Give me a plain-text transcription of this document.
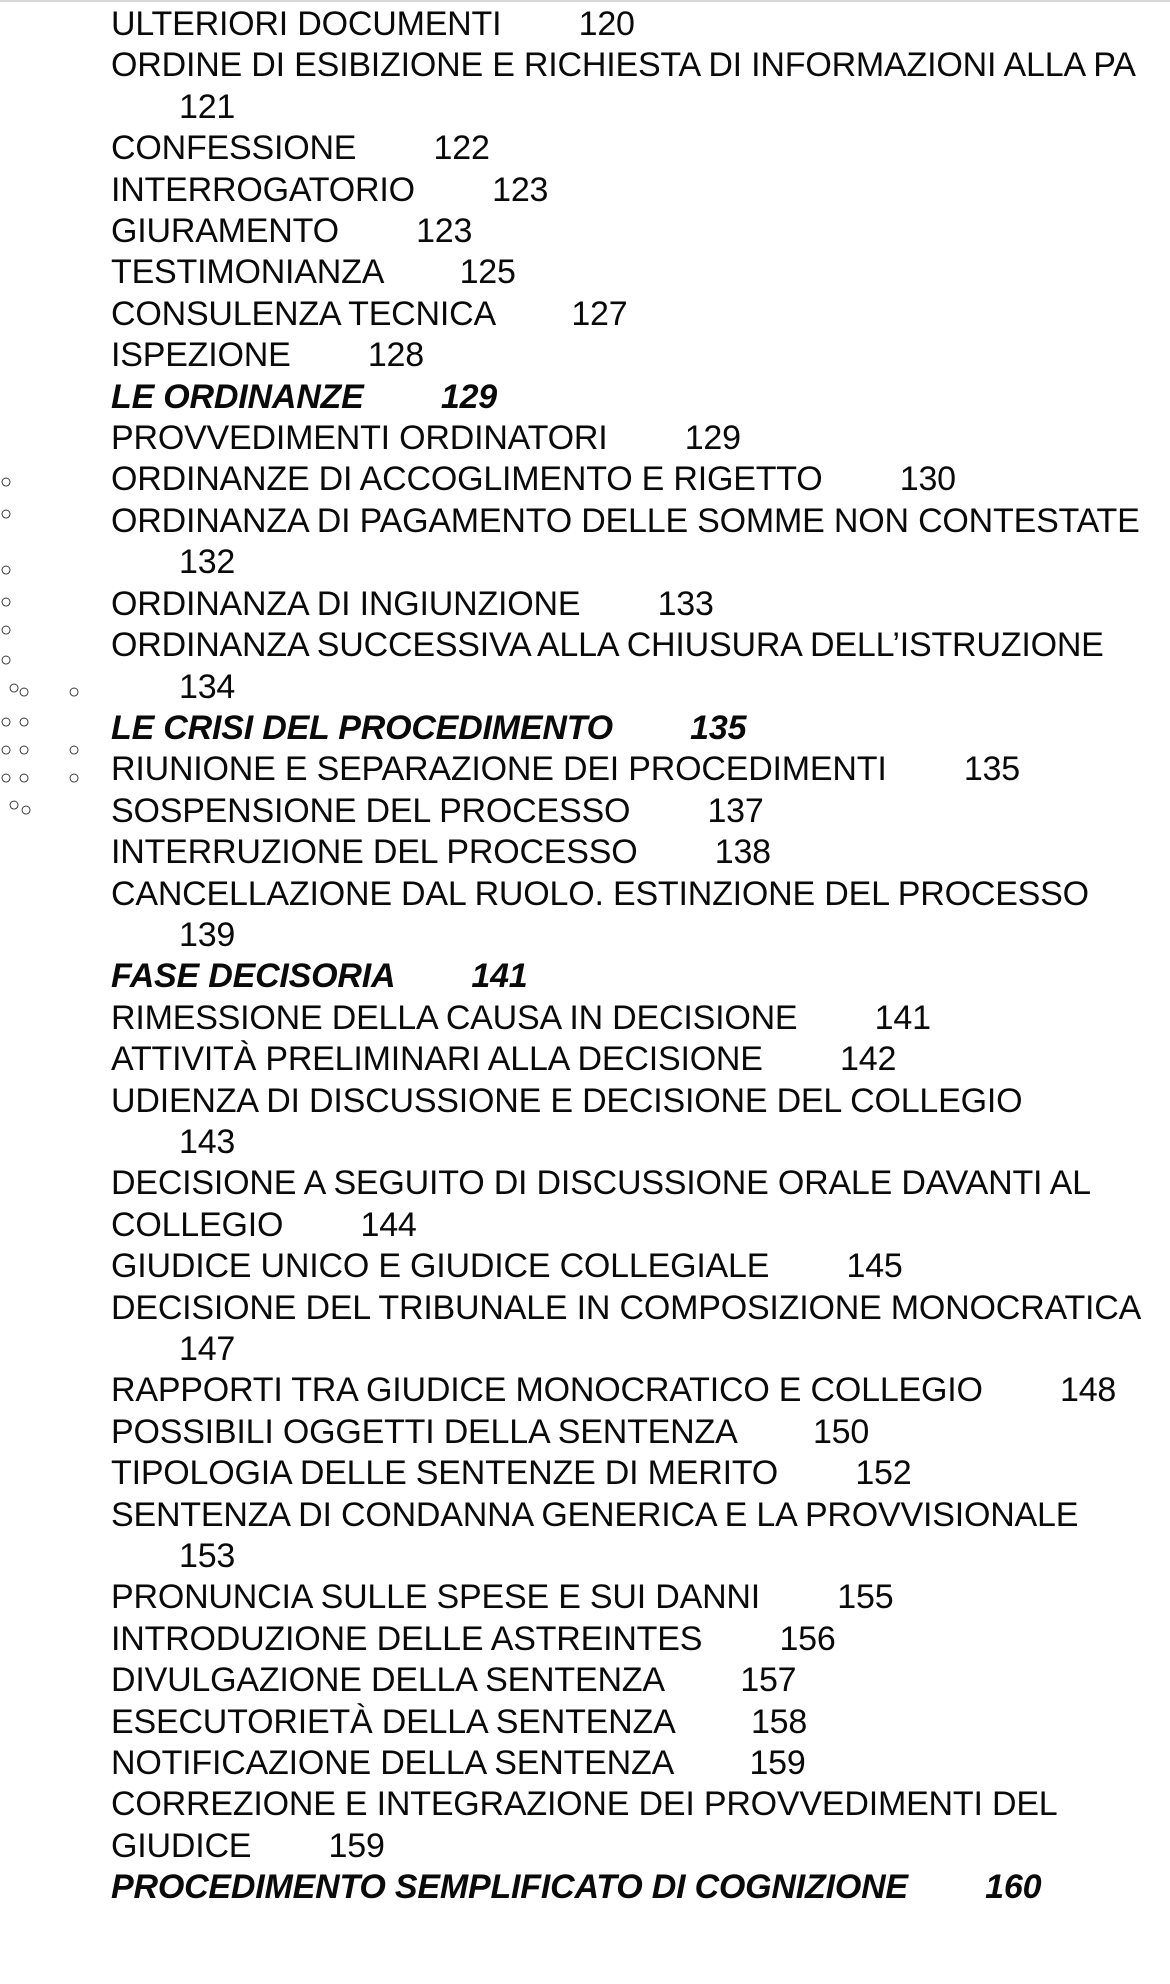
○
○
○
○
○
○
○
○ ○
○ ○
○ ○ ○
○ ○ ○
○ ○
ULTERIORI DOCUMENTI 120
ORDINE DI ESIBIZIONE E RICHIESTA DI INFORMAZIONI ALLA PA 121
CONFESSIONE 122
INTERROGATORIO 123
GIURAMENTO 123
TESTIMONIANZA 125
CONSULENZA TECNICA 127
ISPEZIONE 128
LE ORDINANZE 129
PROVVEDIMENTI ORDINATORI 129
ORDINANZE DI ACCOGLIMENTO E RIGETTO 130
ORDINANZA DI PAGAMENTO DELLE SOMME NON CONTESTATE 132
ORDINANZA DI INGIUNZIONE 133
ORDINANZA SUCCESSIVA ALLA CHIUSURA DELL’ISTRUZIONE 134
LE CRISI DEL PROCEDIMENTO 135
RIUNIONE E SEPARAZIONE DEI PROCEDIMENTI 135
SOSPENSIONE DEL PROCESSO 137
INTERRUZIONE DEL PROCESSO 138
CANCELLAZIONE DAL RUOLO. ESTINZIONE DEL PROCESSO 139
FASE DECISORIA 141
RIMESSIONE DELLA CAUSA IN DECISIONE 141
ATTIVITÀ PRELIMINARI ALLA DECISIONE 142
UDIENZA DI DISCUSSIONE E DECISIONE DEL COLLEGIO 143
DECISIONE A SEGUITO DI DISCUSSIONE ORALE DAVANTI AL COLLEGIO 144
GIUDICE UNICO E GIUDICE COLLEGIALE 145
DECISIONE DEL TRIBUNALE IN COMPOSIZIONE MONOCRATICA 147
RAPPORTI TRA GIUDICE MONOCRATICO E COLLEGIO 148
POSSIBILI OGGETTI DELLA SENTENZA 150
TIPOLOGIA DELLE SENTENZE DI MERITO 152
SENTENZA DI CONDANNA GENERICA E LA PROVVISIONALE 153
PRONUNCIA SULLE SPESE E SUI DANNI 155
INTRODUZIONE DELLE ASTREINTES 156
DIVULGAZIONE DELLA SENTENZA 157
ESECUTORIETÀ DELLA SENTENZA 158
NOTIFICAZIONE DELLA SENTENZA 159
CORREZIONE E INTEGRAZIONE DEI PROVVEDIMENTI DEL GIUDICE 159
PROCEDIMENTO SEMPLIFICATO DI COGNIZIONE 160
